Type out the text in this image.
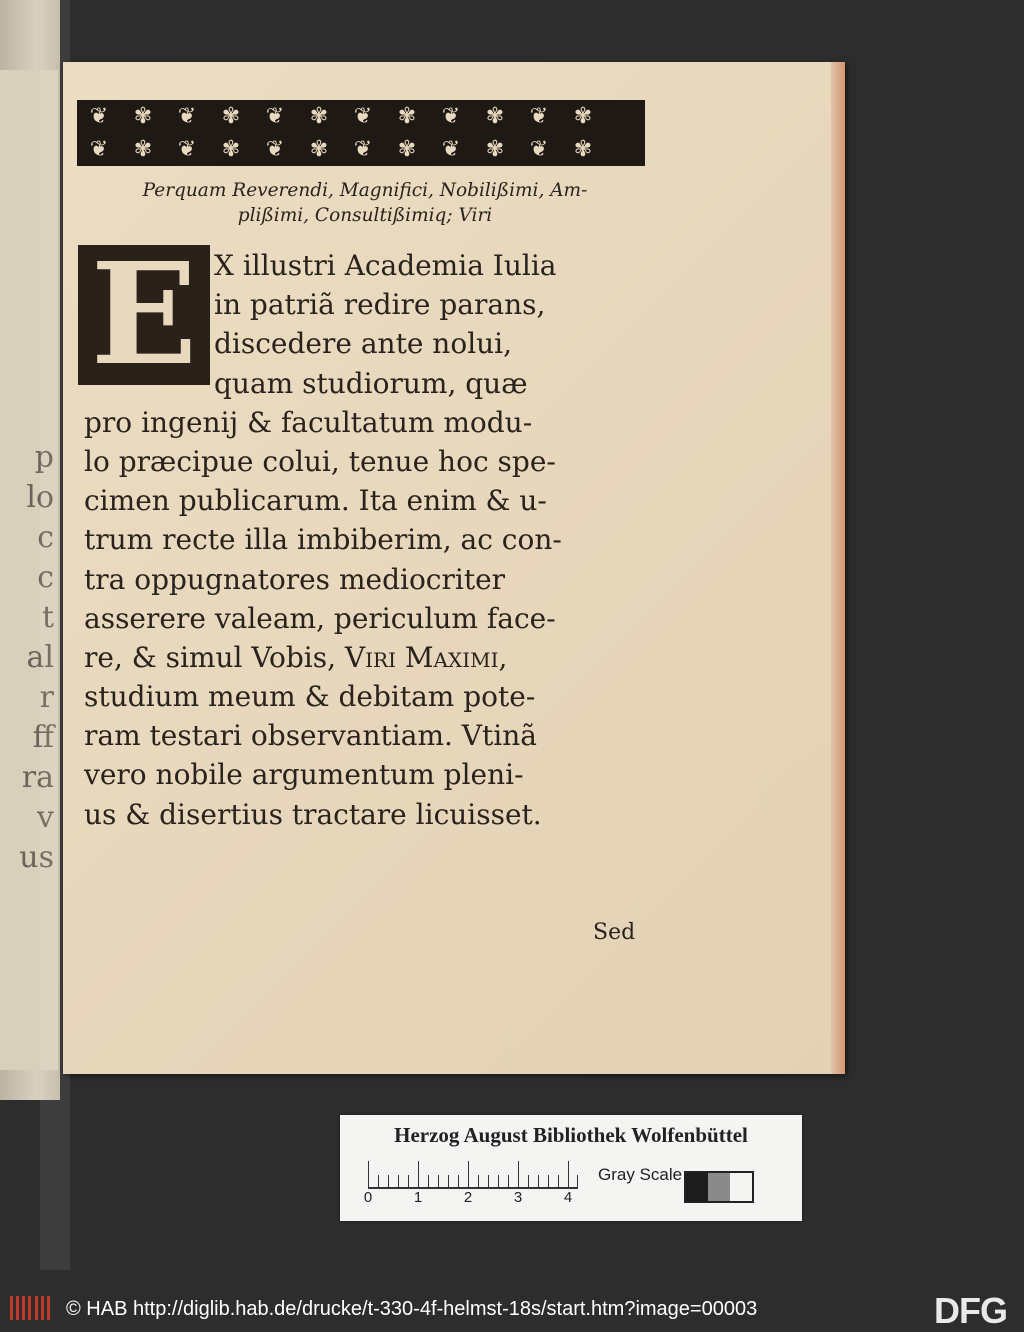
p
lo
c
c
t
al
r
ff
ra
v
us
❦	✾	❦	✾	❦	✾	❦	✾	❦	✾	❦	✾
❦	✾	❦	✾	❦	✾	❦	✾	❦	✾	❦	✾
Perquam Reverendi, Magnifici, Nobilißimi, Am-
plißimi, Consultißimiq; Viri
E X illustri Academia Iulia
in patriã redire parans,
discedere ante nolui,
quam studiorum, quæ
pro ingenij & facultatum modu-
lo præcipue colui, tenue hoc spe-
cimen publicarum. Ita enim & u-
trum recte illa imbiberim, ac con-
tra oppugnatores mediocriter
asserere valeam, periculum face-
re, & simul Vobis, Viri Maximi,
studium meum & debitam pote-
ram testari observantiam. Vtinã
vero nobile argumentum pleni-
us & disertius tractare licuisset.
Sed
Herzog August Bibliothek Wolfenbüttel
0	1	2	3	4
Gray Scale
© HAB http://diglib.hab.de/drucke/t-330-4f-helmst-18s/start.htm?image=00003	DFG
